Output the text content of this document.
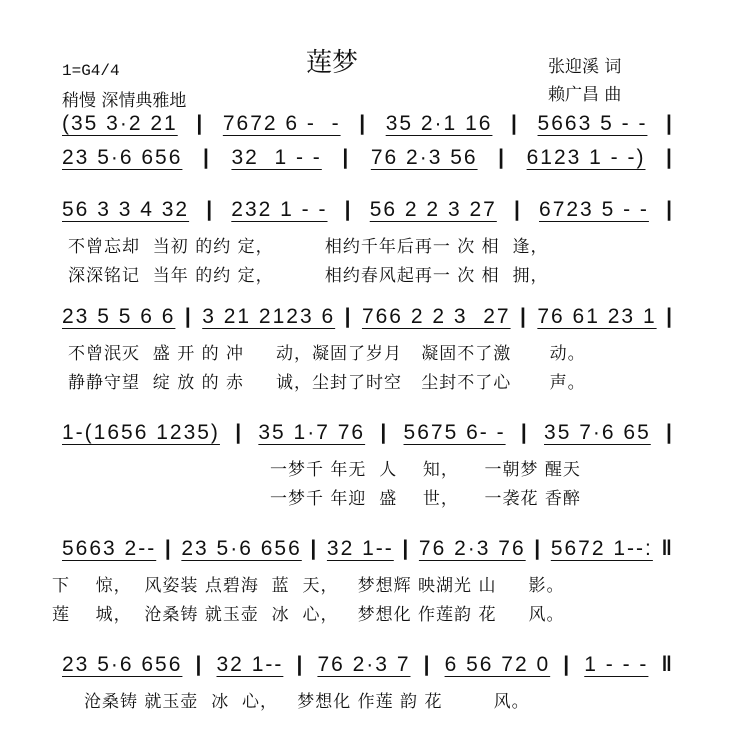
莲梦
1=G4/4
稍慢 深情典雅地
张迎溪 词
赖广昌 曲
(35 3·2 21 | 7672 6 -  - | 35 2·1 16 | 5663 5 - - |
23 5·6 656 | 32  1 - - | 76 2·3 56 | 6123 1 - -) |
56 3 3 4 32 | 232 1 - - | 56 2 2 3 27 | 6723 5 - - |
不曾忘却  当初 的约 定，        相约千年后再一 次 相  逢，
深深铭记  当年 的约 定，        相约春风起再一 次 相  拥，
23 5 5 6 6 | 3 21 2123 6 | 766 2 2 3  27 | 76 61 23 1 |
不曾泯灭  盛 开 的 冲     动，凝固了岁月   凝固不了激      动。
静静守望  绽 放 的 赤     诚，尘封了时空   尘封不了心      声。
1-(1656 1235) | 35 1·7 76 | 5675 6- - | 35 7·6 65 |
一梦千 年无  人    知，    一朝梦 醒天
一梦千 年迎  盛    世，    一袭花 香醉
5663 2-- | 23 5·6 656 | 32 1-- | 76 2·3 76 | 5672 1--: ‖
下    惊，  风姿装 点碧海  蓝  天，   梦想辉 映湖光 山     影。
莲    城，  沧桑铸 就玉壶  冰  心，   梦想化 作莲韵 花     风。
23 5·6 656 | 32 1-- | 76 2·3 7 | 6 56 72 0 | 1 - - - ‖
沧桑铸 就玉壶  冰  心，   梦想化 作莲 韵 花        风。
